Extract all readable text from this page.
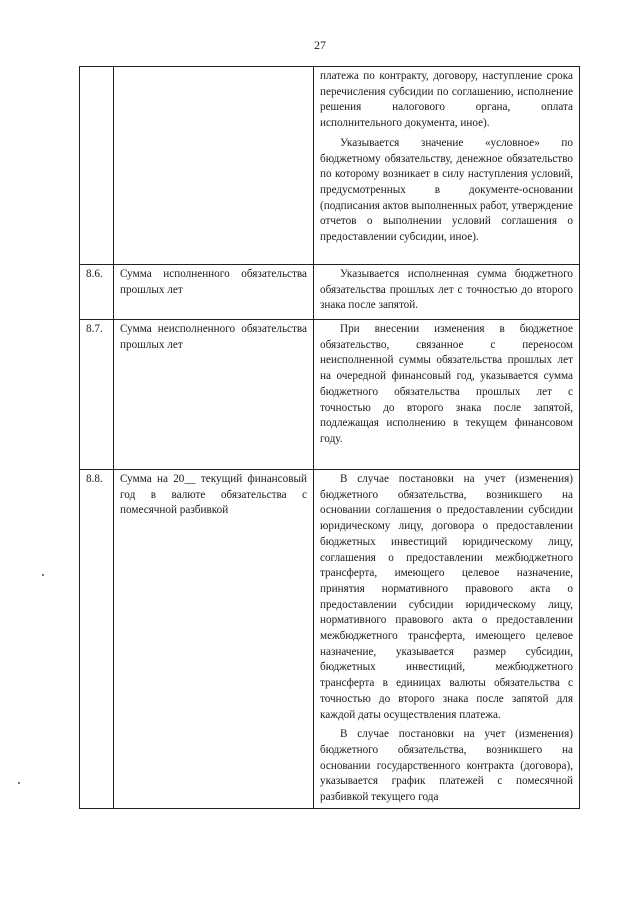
27

		платежа по контракту, договору, наступление срока перечисления субсидии по соглашению, исполнение решения налогового органа, оплата исполнительного документа, иное).

Указывается значение «условное» по бюджетному обязательству, денежное обязательство по которому возникает в силу наступления условий, предусмотренных в документе-основании (подписания актов выполненных работ, утверждение отчетов о выполнении условий соглашения о предоставлении субсидии, иное).

8.6.	Сумма исполненного обязательства прошлых лет	Указывается исполненная сумма бюджетного обязательства прошлых лет с точностью до второго знака после запятой.

8.7.	Сумма неисполненного обязательства прошлых лет	При внесении изменения в бюджетное обязательство, связанное с переносом неисполненной суммы обязательства прошлых лет на очередной финансовый год, указывается сумма бюджетного обязательства прошлых лет с точностью до второго знака после запятой, подлежащая исполнению в текущем финансовом году.

8.8.	Сумма на 20__ текущий финансовый год в валюте обязательства с помесячной разбивкой	В случае постановки на учет (изменения) бюджетного обязательства, возникшего на основании соглашения о предоставлении субсидии юридическому лицу, договора о предоставлении бюджетных инвестиций юридическому лицу, соглашения о предоставлении межбюджетного трансферта, имеющего целевое назначение, принятия нормативного правового акта о предоставлении субсидии юридическому лицу, нормативного правового акта о предоставлении межбюджетного трансферта, имеющего целевое назначение, указывается размер субсидии, бюджетных инвестиций, межбюджетного трансферта в единицах валюты обязательства с точностью до второго знака после запятой для каждой даты осуществления платежа.

В случае постановки на учет (изменения) бюджетного обязательства, возникшего на основании государственного контракта (договора), указывается график платежей с помесячной разбивкой текущего года
